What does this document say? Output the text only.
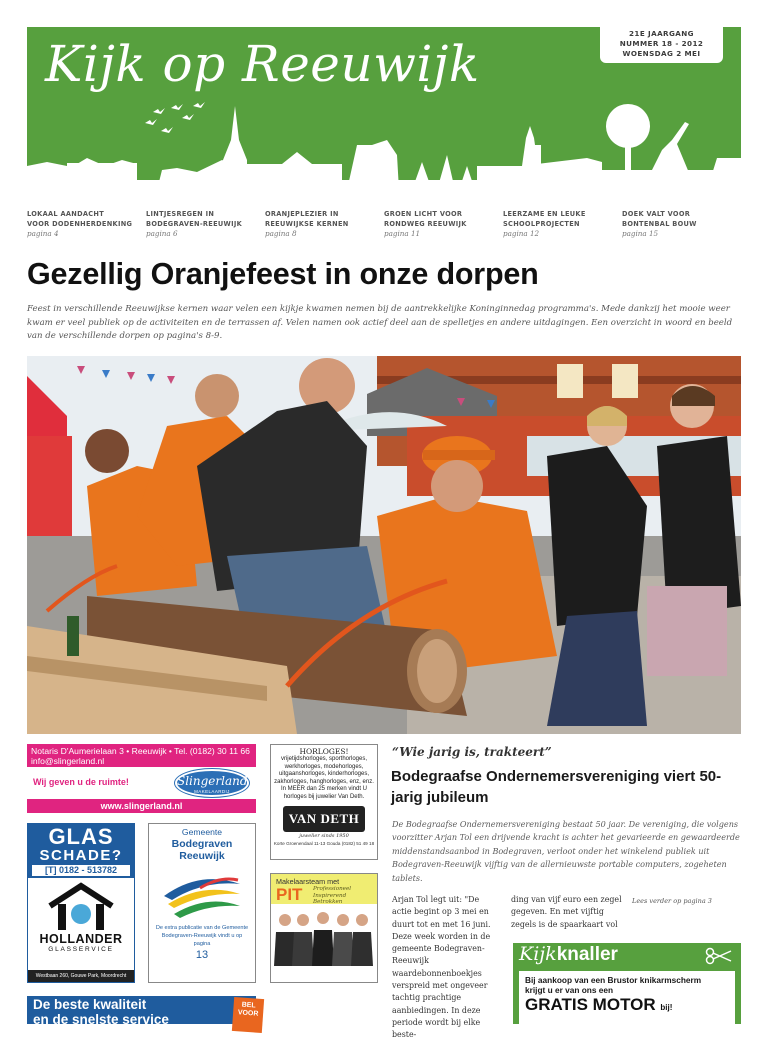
Kijk op Reeuwijk
21E JAARGANG
NUMMER 18 - 2012
WOENSDAG 2 MEI
LOKAAL AANDACHT
VOOR DODENHERDENKING
pagina 4
LINTJESREGEN IN
BODEGRAVEN-REEUWIJK
pagina 6
ORANJEPLEZIER IN
REEUWIJKSE KERNEN
pagina 8
GROEN LICHT VOOR
RONDWEG REEUWIJK
pagina 11
LEERZAME EN LEUKE
SCHOOLPROJECTEN
pagina 12
DOEK VALT VOOR
BONTENBAL BOUW
pagina 15
Gezellig Oranjefeest in onze dorpen

Feest in verschillende Reeuwijkse kernen waar velen een kijkje kwamen nemen bij de aantrekkelijke Koninginnedag programma's. Mede dankzij het mooie weer kwam er veel publiek op de activiteiten en de terrassen af. Velen namen ook actief deel aan de spelletjes en andere uitdagingen. Een overzicht in woord en beeld van de verschillende dorpen op pagina's 8-9.

Notaris D'Aumerielaan 3 • Reeuwijk • Tel. (0182) 30 11 66
info@slingerland.nl
Wij geven u de ruimte!	Slingerland
MAKELAARDIJ
www.slingerland.nl
HORLOGES!
vrijetijdshorloges, sporthorloges, werkhorloges, modehorloges, uitgaanshorloges, kinderhorloges, zakhorloges, hanghorloges, enz, enz. In MEER dan 25 merken vindt U horloges bij juwelier Van Deth.
VAN DETH
juwelier sinds 1950
Korte Groenendaal 11-13 Gouda (0182) 51 49 18
GLAS
SCHADE?
[T] 0182 - 513782
HOLLANDER
GLASSERVICE
Westbaan 260, Gouwe Park, Moordrecht
Gemeente
Bodegraven
Reeuwijk
De extra publicatie van de Gemeente Bodegraven-Reeuwijk vindt u op pagina
13
Makelaarsteam met
PIT Professioneel
Inspirerend
Betrokken
De beste kwaliteit
en de snelste service
BEL VOOR
“Wie jarig is, trakteert”
Bodegraafse Ondernemersvereniging viert 50-jarig jubileum

De Bodegraafse Ondernemersvereniging bestaat 50 jaar. De vereniging, die volgens voorzitter Arjan Tol een drijvende kracht is achter het gevarieerde en gewaardeerde middenstandsaanbod in Bodegraven, verloot onder het winkelend publiek uit Bodegraven-Reeuwijk vijftig van de allernieuwste portable computers, zogeheten tablets.

Arjan Tol legt uit: "De actie begint op 3 mei en duurt tot en met 16 juni. Deze week worden in de gemeente Bodegraven-Reeuwijk waardebonnenboekjes verspreid met ongeveer tachtig prachtige aanbiedingen. In deze periode wordt bij elke beste-

ding van vijf euro een zegel gegeven. En met vijftig zegels is de spaarkaart vol

Lees verder op pagina 3
Kijkknaller
Bij aankoop van een Brustor knikarmscherm
krijgt u er van ons een
GRATIS MOTOR bij!
